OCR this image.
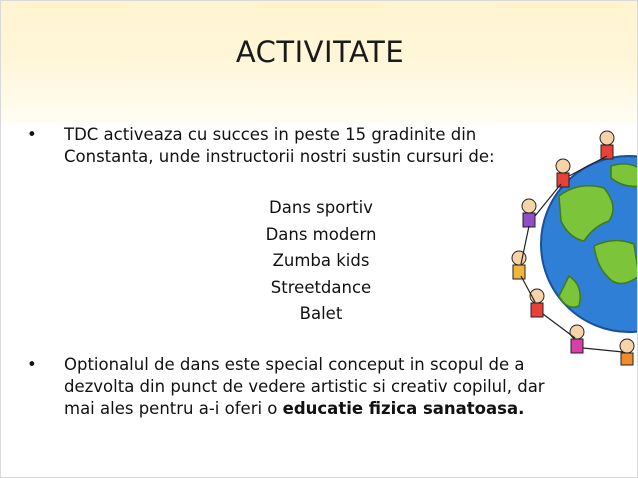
ACTIVITATE
• TDC activeaza cu succes in peste 15 gradinite din
Constanta, unde instructorii nostri sustin cursuri de:
Dans sportiv
Dans modern
Zumba kids
Streetdance
Balet
• Optionalul de dans este special conceput in scopul de a
dezvolta din punct de vedere artistic si creativ copilul, dar
mai ales pentru a-i oferi o educatie fizica sanatoasa.
